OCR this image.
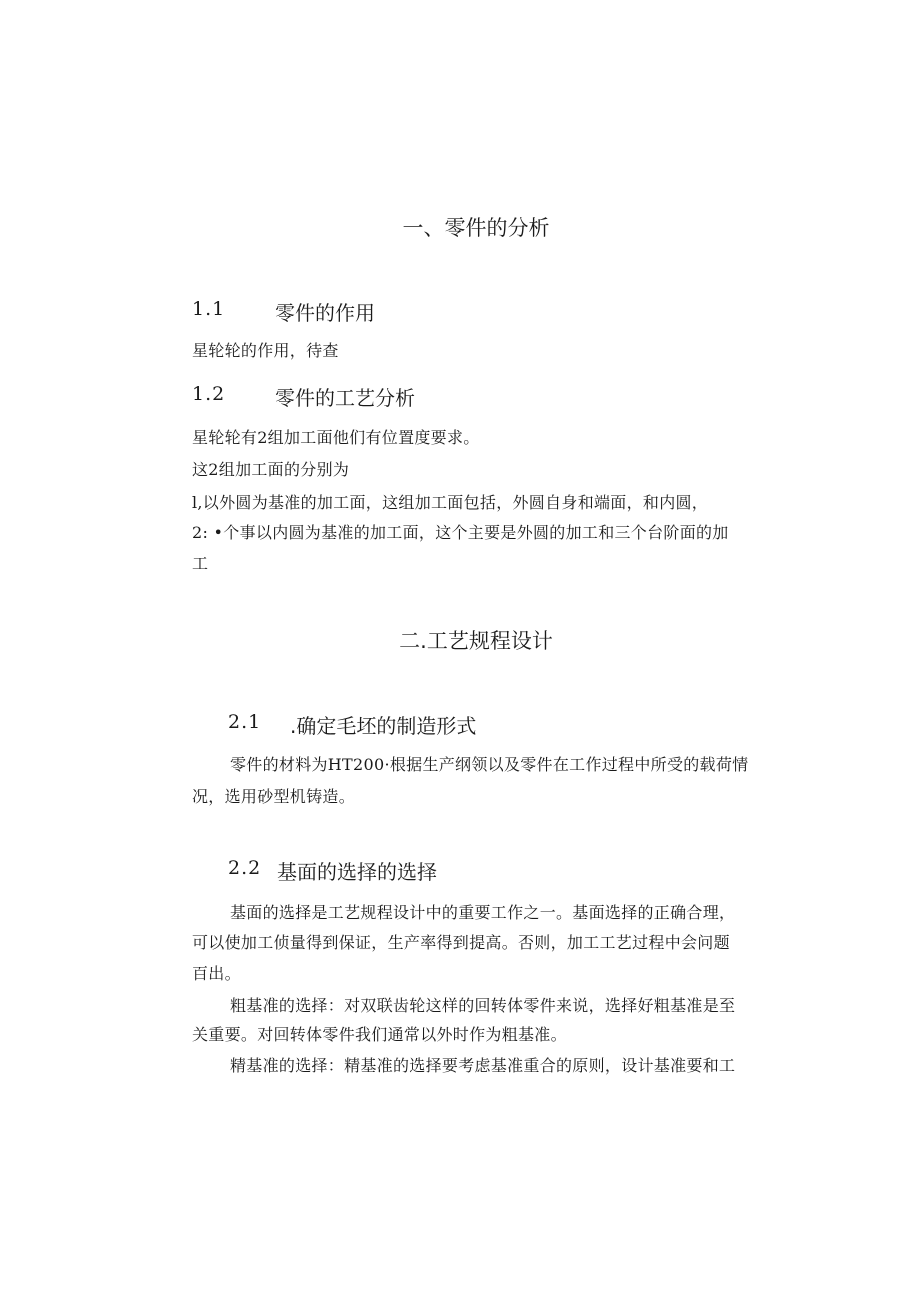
一、零件的分析
1.1 零件的作用
星轮轮的作用，待查
1.2 零件的工艺分析
星轮轮有2组加工面他们有位置度要求。
这2组加工面的分别为
l,以外圆为基准的加工面，这组加工面包括，外圆自身和端面，和内圆，
2: •个事以内圆为基准的加工面，这个主要是外圆的加工和三个台阶面的加
工
二.工艺规程设计
2.1 .确定毛坯的制造形式
零件的材料为HT200·根据生产纲领以及零件在工作过程中所受的载荷情
况，选用砂型机铸造。
2.2 基面的选择的选择
基面的选择是工艺规程设计中的重要工作之一。基面选择的正确合理，
可以使加工侦量得到保证，生产率得到提高。否则，加工工艺过程中会问题
百出。
粗基准的选择：对双联齿轮这样的回转体零件来说，选择好粗基准是至
关重要。对回转体零件我们通常以外时作为粗基准。
精基准的选择：精基准的选择要考虑基准重合的原则，设计基准要和工
